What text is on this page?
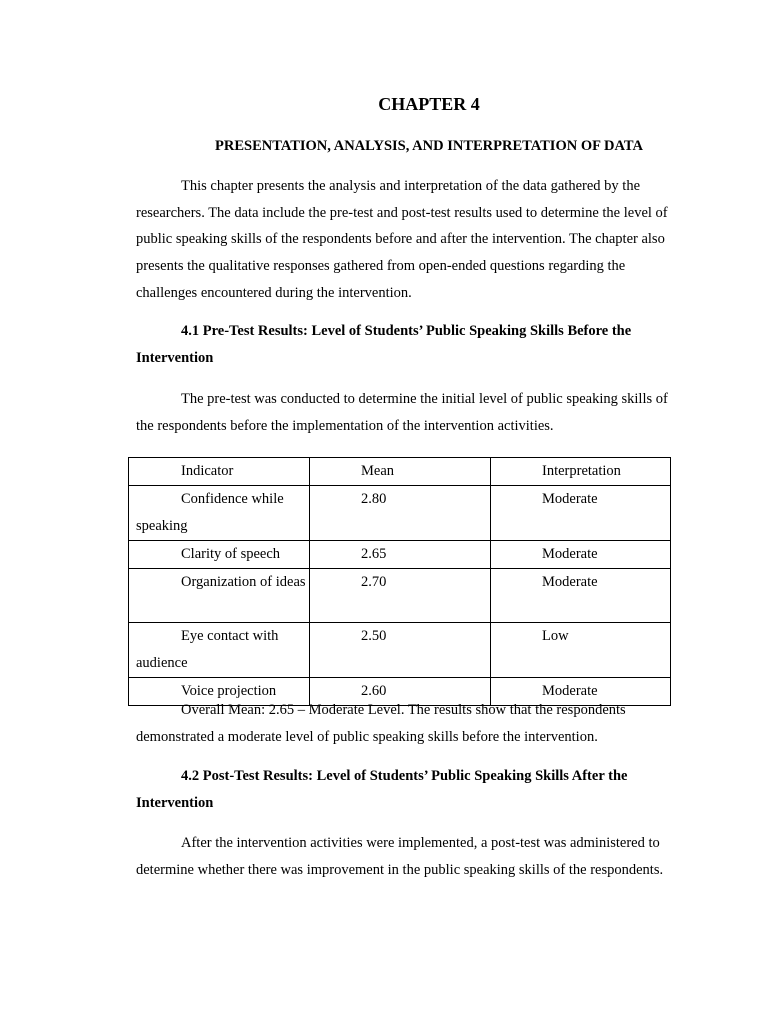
CHAPTER 4
PRESENTATION, ANALYSIS, AND INTERPRETATION OF DATA

This chapter presents the analysis and interpretation of the data gathered by the researchers. The data include the pre-test and post-test results used to determine the level of public speaking skills of the respondents before and after the intervention. The chapter also presents the qualitative responses gathered from open-ended questions regarding the challenges encountered during the intervention.

4.1 Pre-Test Results: Level of Students’ Public Speaking Skills Before the Intervention

The pre-test was conducted to determine the initial level of public speaking skills of the respondents before the implementation of the intervention activities.

Indicator	Mean	Interpretation

Confidence while speaking	2.80	Moderate

Clarity of speech	2.65	Moderate

Organization of ideas	2.70	Moderate

Eye contact with audience	2.50	Low

Voice projection	2.60	Moderate

Overall Mean: 2.65 – Moderate Level. The results show that the respondents demonstrated a moderate level of public speaking skills before the intervention.

4.2 Post-Test Results: Level of Students’ Public Speaking Skills After the Intervention

After the intervention activities were implemented, a post-test was administered to determine whether there was improvement in the public speaking skills of the respondents.
